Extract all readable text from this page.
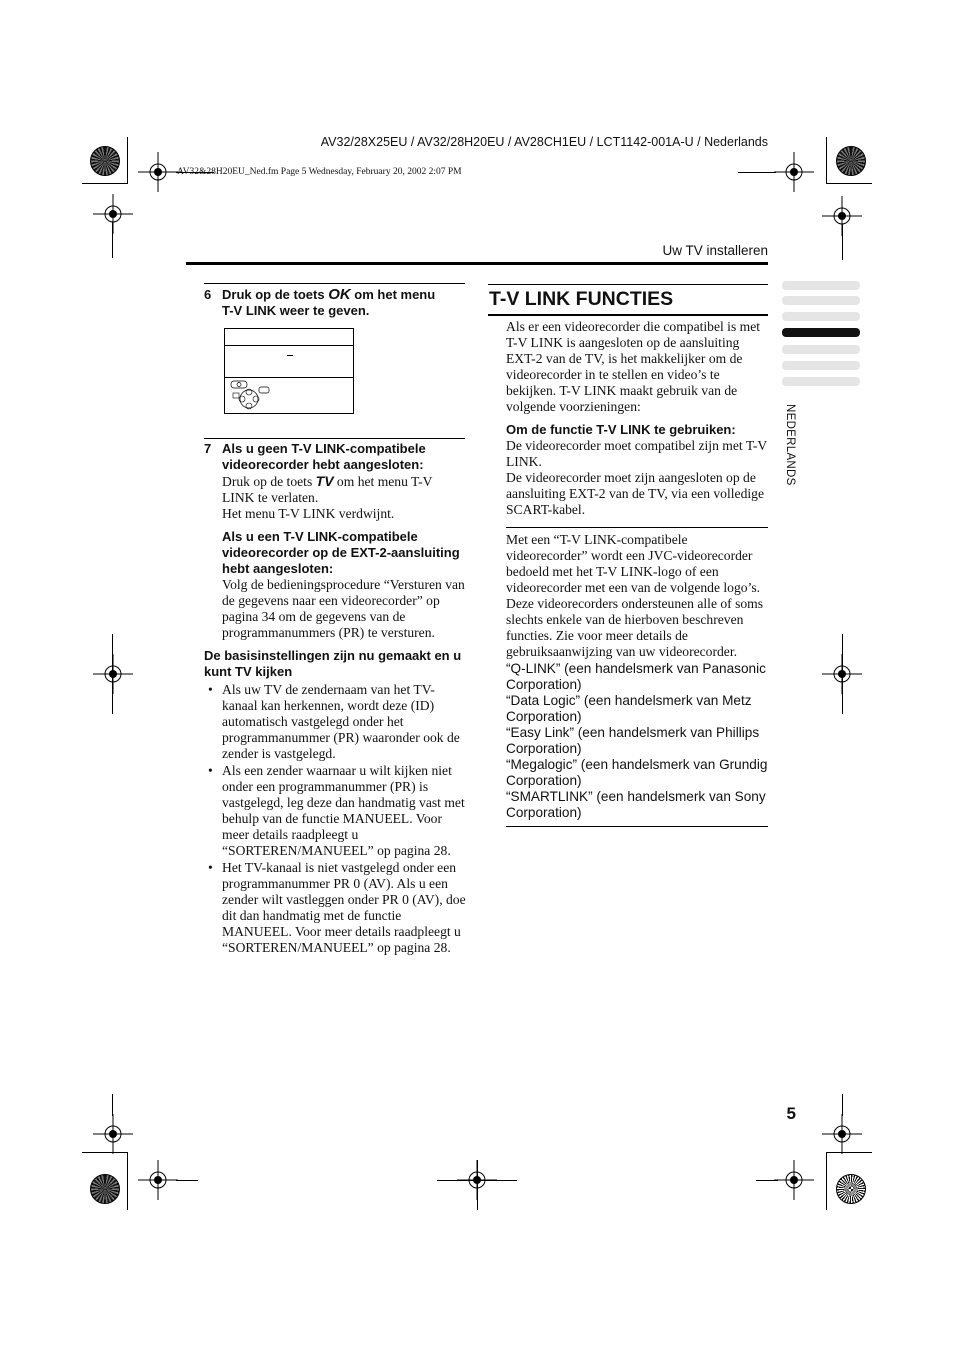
AV32/28X25EU / AV32/28H20EU / AV28CH1EU / LCT1142-001A-U / Nederlands
AV32&28H20EU_Ned.fm Page 5 Wednesday, February 20, 2002 2:07 PM
Uw TV installeren
NEDERLANDS
6 Druk op de toets OK om het menu
T-V LINK weer te geven.
7 Als u geen T-V LINK-compatibele videorecorder hebt aangesloten:
Druk op de toets TV om het menu T-V LINK te verlaten.
Het menu T-V LINK verdwijnt.
Als u een T-V LINK-compatibele videorecorder op de EXT-2-aansluiting hebt aangesloten:
Volg de bedieningsprocedure “Versturen van de gegevens naar een videorecorder” op pagina 34 om de gegevens van de programmanummers (PR) te versturen.
De basisinstellingen zijn nu gemaakt en u kunt TV kijken
• Als uw TV de zendernaam van het TV-kanaal kan herkennen, wordt deze (ID) automatisch vastgelegd onder het programmanummer (PR) waaronder ook de zender is vastgelegd.
• Als een zender waarnaar u wilt kijken niet onder een programmanummer (PR) is vastgelegd, leg deze dan handmatig vast met behulp van de functie MANUEEL. Voor meer details raadpleegt u “SORTEREN/MANUEEL” op pagina 28.
• Het TV-kanaal is niet vastgelegd onder een programmanummer PR 0 (AV). Als u een zender wilt vastleggen onder PR 0 (AV), doe dit dan handmatig met de functie MANUEEL. Voor meer details raadpleegt u “SORTEREN/MANUEEL” op pagina 28.
T-V LINK FUNCTIES
Als er een videorecorder die compatibel is met T-V LINK is aangesloten op de aansluiting EXT-2 van de TV, is het makkelijker om de videorecorder in te stellen en video’s te bekijken. T-V LINK maakt gebruik van de volgende voorzieningen:
Om de functie T-V LINK te gebruiken:
De videorecorder moet compatibel zijn met T-V LINK.
De videorecorder moet zijn aangesloten op de aansluiting EXT-2 van de TV, via een volledige SCART-kabel.
Met een “T-V LINK-compatibele videorecorder” wordt een JVC-videorecorder bedoeld met het T-V LINK-logo of een videorecorder met een van de volgende logo’s. Deze videorecorders ondersteunen alle of soms slechts enkele van de hierboven beschreven functies. Zie voor meer details de gebruiksaanwijzing van uw videorecorder.
“Q-LINK” (een handelsmerk van Panasonic Corporation)
“Data Logic” (een handelsmerk van Metz Corporation)
“Easy Link” (een handelsmerk van Phillips Corporation)
“Megalogic” (een handelsmerk van Grundig Corporation)
“SMARTLINK” (een handelsmerk van Sony Corporation)
5
